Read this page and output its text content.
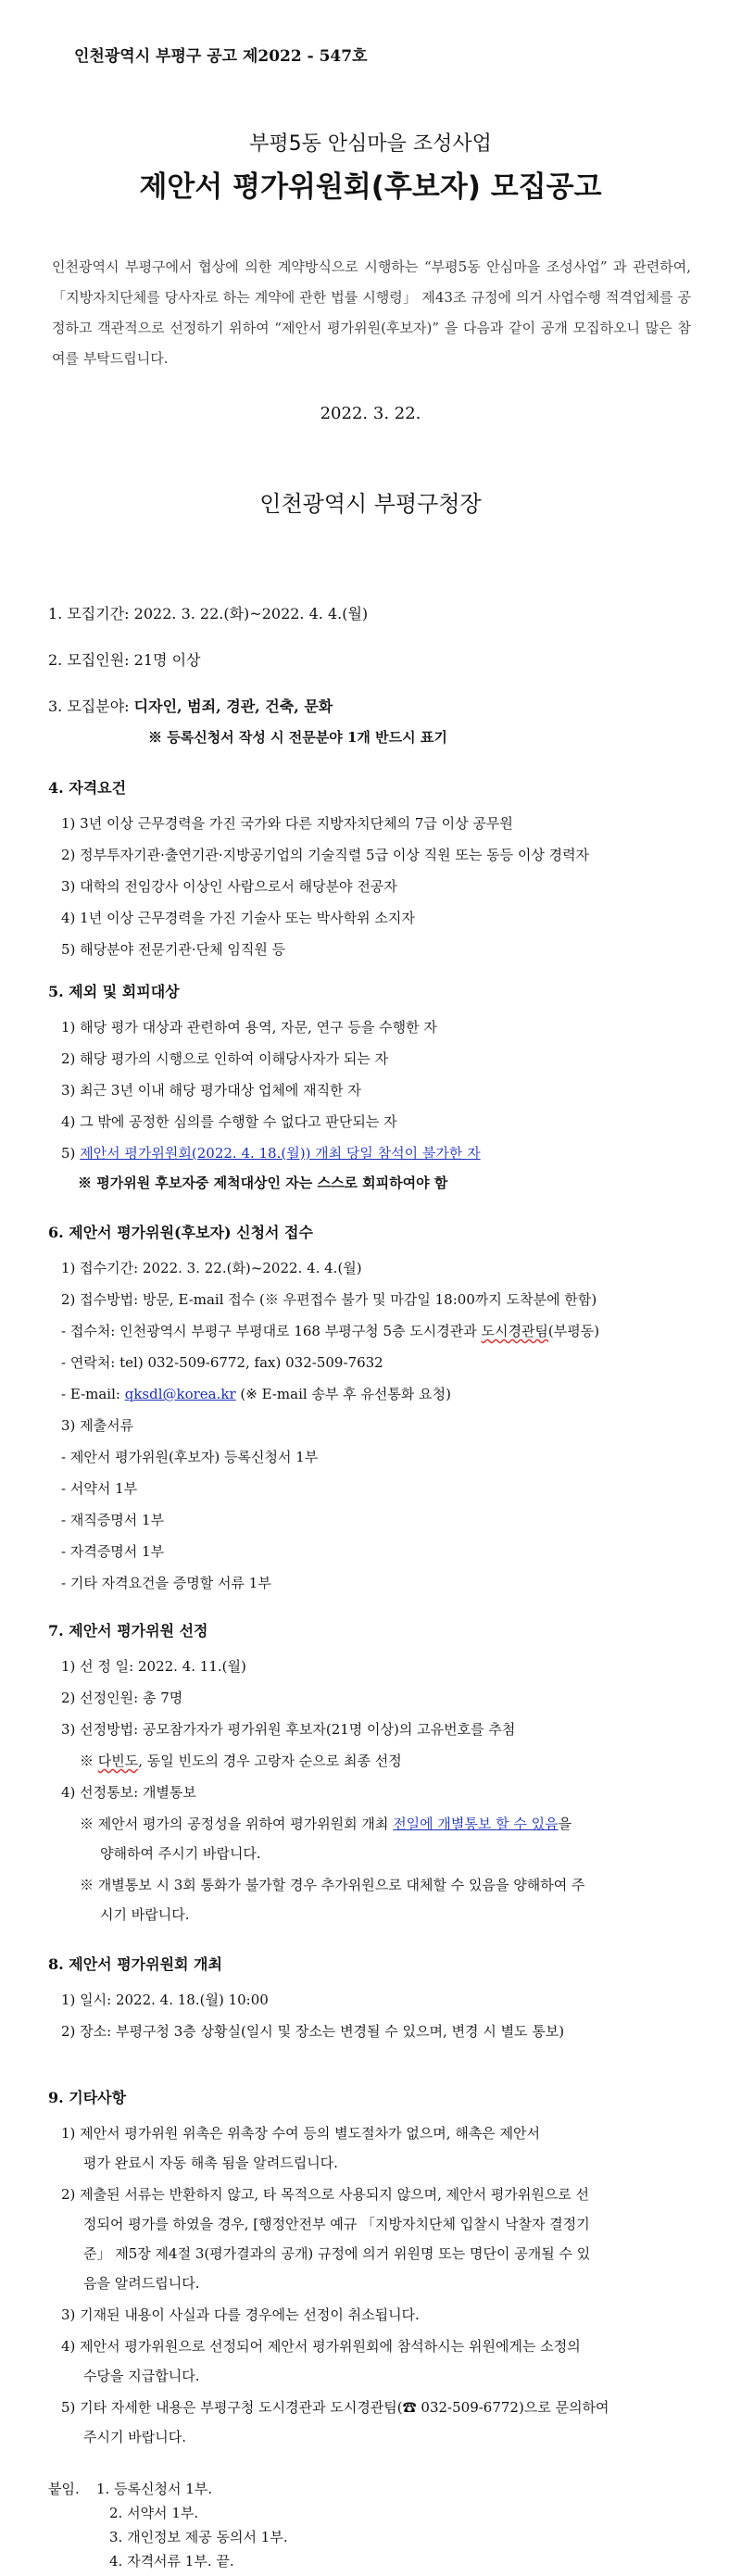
인천광역시 부평구 공고 제2022 - 547호
부평5동 안심마을 조성사업
제안서 평가위원회(후보자) 모집공고
인천광역시 부평구에서 협상에 의한 계약방식으로 시행하는 “부평5동 안심마을 조성사업” 과 관련하여, 「지방자치단체를 당사자로 하는 계약에 관한 법률 시행령」 제43조 규정에 의거 사업수행 적격업체를 공정하고 객관적으로 선정하기 위하여 “제안서 평가위원(후보자)” 을 다음과 같이 공개 모집하오니 많은 참여를 부탁드립니다.
2022. 3. 22.
인천광역시 부평구청장
1. 모집기간: 2022. 3. 22.(화)~2022. 4. 4.(월)
2. 모집인원: 21명 이상
3. 모집분야: 디자인, 범죄, 경관, 건축, 문화
※ 등록신청서 작성 시 전문분야 1개 반드시 표기
4. 자격요건
1) 3년 이상 근무경력을 가진 국가와 다른 지방자치단체의 7급 이상 공무원
2) 정부투자기관·출연기관·지방공기업의 기술직렬 5급 이상 직원 또는 동등 이상 경력자
3) 대학의 전임강사 이상인 사람으로서 해당분야 전공자
4) 1년 이상 근무경력을 가진 기술사 또는 박사학위 소지자
5) 해당분야 전문기관·단체 임직원 등
5. 제외 및 회피대상
1) 해당 평가 대상과 관련하여 용역, 자문, 연구 등을 수행한 자
2) 해당 평가의 시행으로 인하여 이해당사자가 되는 자
3) 최근 3년 이내 해당 평가대상 업체에 재직한 자
4) 그 밖에 공정한 심의를 수행할 수 없다고 판단되는 자
5) 제안서 평가위원회(2022. 4. 18.(월)) 개최 당일 참석이 불가한 자
※ 평가위원 후보자중 제척대상인 자는 스스로 회피하여야 함
6. 제안서 평가위원(후보자) 신청서 접수
1) 접수기간: 2022. 3. 22.(화)~2022. 4. 4.(월)
2) 접수방법: 방문, E-mail 접수 (※ 우편접수 불가 및 마감일 18:00까지 도착분에 한함)
- 접수처: 인천광역시 부평구 부평대로 168 부평구청 5층 도시경관과 도시경관팀(부평동)
- 연락처: tel) 032-509-6772, fax) 032-509-7632
- E-mail: qksdl@korea.kr (※ E-mail 송부 후 유선통화 요청)
3) 제출서류
- 제안서 평가위원(후보자) 등록신청서 1부
- 서약서 1부
- 재직증명서 1부
- 자격증명서 1부
- 기타 자격요건을 증명할 서류 1부
7. 제안서 평가위원 선정
1) 선 정 일: 2022. 4. 11.(월)
2) 선정인원: 총 7명
3) 선정방법: 공모참가자가 평가위원 후보자(21명 이상)의 고유번호를 추첨
※ 다빈도, 동일 빈도의 경우 고랑자 순으로 최종 선정
4) 선정통보: 개별통보
※ 제안서 평가의 공정성을 위하여 평가위원회 개최 전일에 개별통보 할 수 있음을
양해하여 주시기 바랍니다.
※ 개별통보 시 3회 통화가 불가할 경우 추가위원으로 대체할 수 있음을 양해하여 주
시기 바랍니다.
8. 제안서 평가위원회 개최
1) 일시: 2022. 4. 18.(월) 10:00
2) 장소: 부평구청 3층 상황실(일시 및 장소는 변경될 수 있으며, 변경 시 별도 통보)
9. 기타사항
1) 제안서 평가위원 위촉은 위촉장 수여 등의 별도절차가 없으며, 해촉은 제안서
평가 완료시 자동 해촉 됨을 알려드립니다.
2) 제출된 서류는 반환하지 않고, 타 목적으로 사용되지 않으며, 제안서 평가위원으로 선
정되어 평가를 하였을 경우, [행정안전부 예규 「지방자치단체 입찰시 낙찰자 결정기
준」 제5장 제4절 3(평가결과의 공개) 규정에 의거 위원명 또는 명단이 공개될 수 있
음을 알려드립니다.
3) 기재된 내용이 사실과 다를 경우에는 선정이 취소됩니다.
4) 제안서 평가위원으로 선정되어 제안서 평가위원회에 참석하시는 위원에게는 소정의
수당을 지급합니다.
5) 기타 자세한 내용은 부평구청 도시경관과 도시경관팀(☎ 032-509-6772)으로 문의하여
주시기 바랍니다.
붙임. 1. 등록신청서 1부.
2. 서약서 1부.
3. 개인정보 제공 동의서 1부.
4. 자격서류 1부. 끝.
